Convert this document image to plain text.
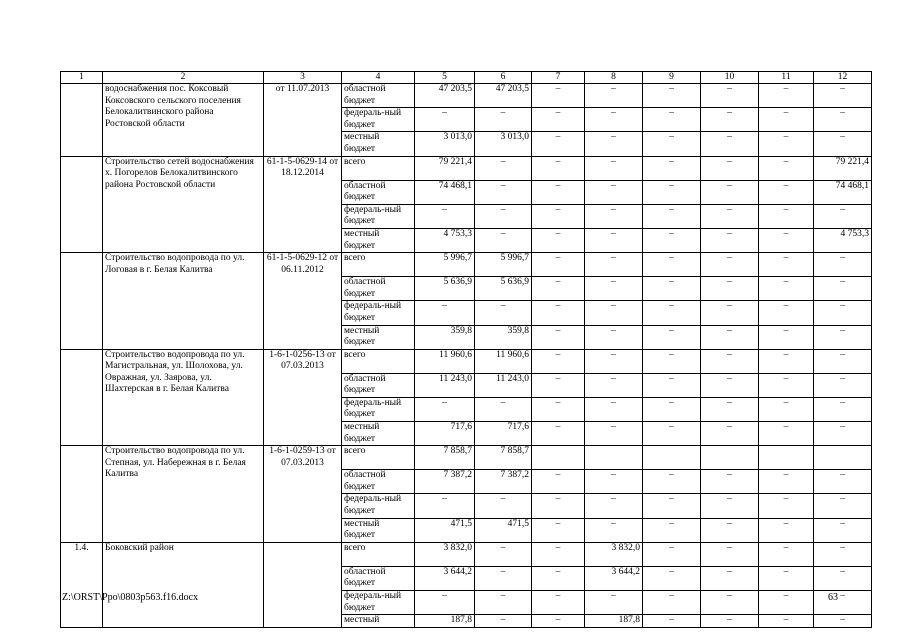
1	2	3	4	5	6	7	8	9	10	11	12
	водоснабжения пос. Коксовый Коксовского сельского поселения Белокалитвинского района Ростовской области	от 11.07.2013	областной бюджет	47 203,5	47 203,5	–	–	–	–	–	–
			федераль-ный бюджет	–	–	–	–	–	–	–	–
			местный бюджет	3 013,0	3 013,0	–	–	–	–	–	–
	Строительство сетей водоснабжения х. Погорелов Белокалитвинского района Ростовской области	61-1-5-0629-14 от 18.12.2014	всего	79 221,4	–	–	–	–	–	–	79 221,4
			областной бюджет	74 468,1	–	–	–	–	–	–	74 468,1
			федераль-ный бюджет	–	–	–	–	–	–	–	–
			местный бюджет	4 753,3	–	–	–	–	–	–	4 753,3
	Строительство водопровода по ул. Логовая в г. Белая Калитва	61-1-5-0629-12 от 06.11.2012	всего	5 996,7	5 996,7	–	–	–	–	–	–
			областной бюджет	5 636,9	5 636,9	–	–	–	–	–	–
			федераль-ный бюджет	–	–	–	–	–	–	–	–
			местный бюджет	359,8	359,8	–	–	–	–	–	–
	Строительство водопровода по ул. Магистральная, ул. Шолохова, ул. Овражная, ул. Заярова, ул. Шахтерская в г. Белая Калитва	1-6-1-0256-13 от 07.03.2013	всего	11 960,6	11 960,6	–	–	–	–	–	–
			областной бюджет	11 243,0	11 243,0	–	–	–	–	–	–
			федераль-ный бюджет	–	–	–	–	–	–	–	–
			местный бюджет	717,6	717,6	–	–	–	–	–	–
	Строительство водопровода по ул. Степная, ул. Набережная в г. Белая Калитва	1-6-1-0259-13 от 07.03.2013	всего	7 858,7	7 858,7						
			областной бюджет	7 387,2	7 387,2	–	–	–	–	–	–
			федераль-ный бюджет	–	–	–	–	–	–	–	–
			местный бюджет	471,5	471,5	–	–	–	–	–	–
1.4.	Боковский район		всего	3 832,0	–	–	3 832,0	–	–	–	–
			областной бюджет	3 644,2	–	–	3 644,2	–	–	–	–
			федераль-ный бюджет	–	–	–	–	–	–	–	–
			местный	187,8	–	–	187,8	–	–	–	–
Z:\ORST\Ppo\0803p563.f16.docx	63
